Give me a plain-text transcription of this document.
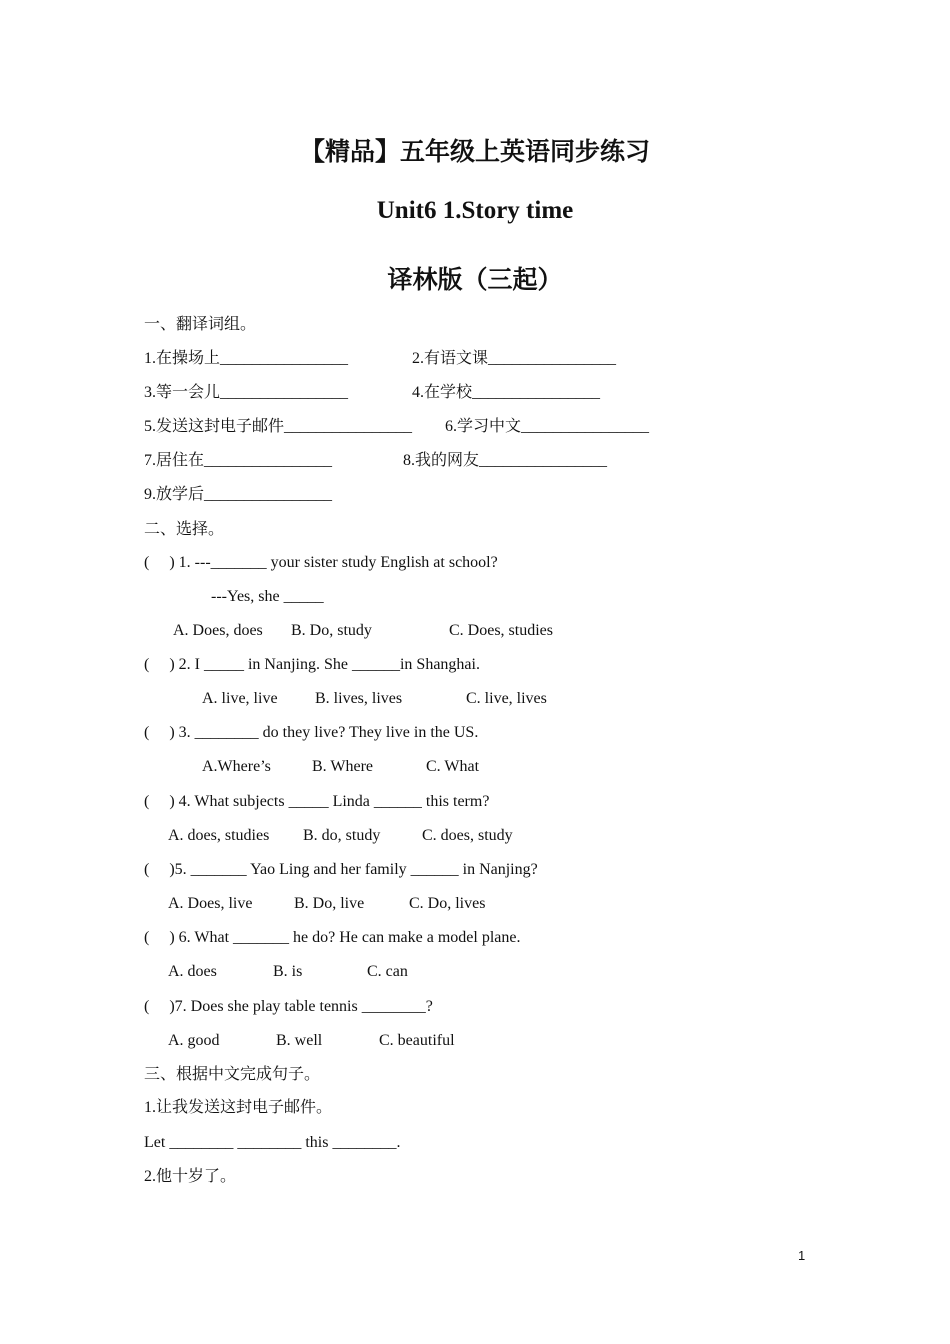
【精品】五年级上英语同步练习
Unit6 1.Story time
译林版（三起）
一、翻译词组。
1.在操场上________________	2.有语文课________________
3.等一会儿________________	4.在学校________________
5.发送这封电子邮件________________ 6.学习中文________________
7.居住在________________	8.我的网友________________
9.放学后________________
二、选择。
(     ) 1. ---_______ your sister study English at school?
---Yes, she _____
A. Does, does B. Do, study	C. Does, studies
(     ) 2. I _____ in Nanjing. She ______in Shanghai.
A. live, live B. lives, lives	C. live, lives
(     ) 3. ________ do they live? They live in the US.
A.Where’s	B. Where	C. What
(     ) 4. What subjects _____ Linda ______ this term?
A. does, studies B. do, study	C. does, study
(     )5. _______ Yao Ling and her family ______ in Nanjing?
A. Does, live	B. Do, live	C. Do, lives
(     ) 6. What _______ he do? He can make a model plane.
A. does	B. is	C. can
(     )7. Does she play table tennis ________?
A. good	B. well	C. beautiful
三、根据中文完成句子。
1.让我发送这封电子邮件。
Let ________ ________ this ________.
2.他十岁了。
1
